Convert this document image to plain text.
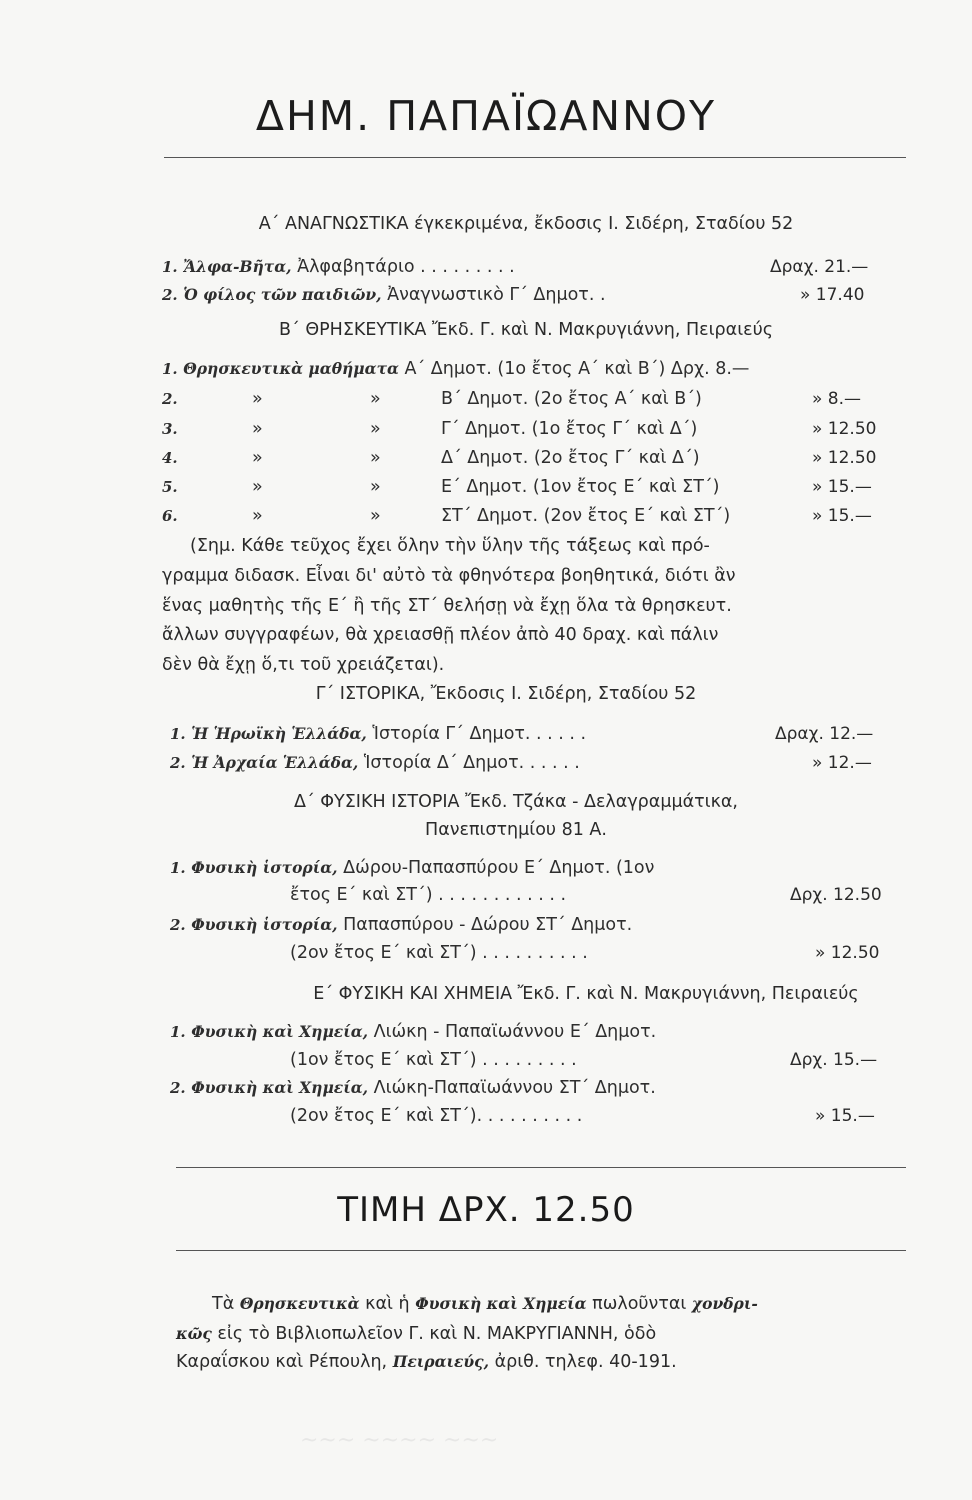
ΔΗΜ. ΠΑΠΑΪΩΑΝΝΟΥ
Α΄ ΑΝΑΓΝΩΣΤΙΚΑ έγκεκριμένα, ἔκδοσις Ι. Σιδέρη, Σταδίου 52
1. Ἄλφα-Βῆτα, Ἀλφαβητάριο . . . . . . . . .	Δραχ. 21.—
2. Ὁ φίλος τῶν παιδιῶν, Ἀναγνωστικὸ Γ΄ Δημοτ. .	» 17.40
Β΄ ΘΡΗΣΚΕΥΤΙΚΑ Ἔκδ. Γ. καὶ Ν. Μακρυγιάννη, Πειραιεύς
1. Θρησκευτικὰ μαθήματα Α΄ Δημοτ. (1ο ἔτος Α΄ καὶ Β΄) Δρχ. 8.—
2.	»	»	Β΄ Δημοτ. (2ο ἔτος Α΄ καὶ Β΄)	» 8.—
3.	»	»	Γ΄ Δημοτ. (1ο ἔτος Γ΄ καὶ Δ΄)	» 12.50
4.	»	»	Δ΄ Δημοτ. (2ο ἔτος Γ΄ καὶ Δ΄)	» 12.50
5.	»	»	Ε΄ Δημοτ. (1ον ἔτος Ε΄ καὶ ΣΤ΄)	» 15.—
6.	»	»	ΣΤ΄ Δημοτ. (2ον ἔτος Ε΄ καὶ ΣΤ΄)	» 15.—
(Σημ. Κάθε τεῦχος ἔχει ὅλην τὴν ὕλην τῆς τάξεως καὶ πρό-
γραμμα διδασκ. Εἶναι δι' αὐτὸ τὰ φθηνότερα βοηθητικά, διότι ἂν
ἕνας μαθητὴς τῆς Ε΄ ἢ τῆς ΣΤ΄ θελήσῃ νὰ ἔχῃ ὅλα τὰ θρησκευτ.
ἄλλων συγγραφέων, θὰ χρειασθῇ πλέον ἀπὸ 40 δραχ. καὶ πάλιν
δὲν θὰ ἔχῃ ὅ,τι τοῦ χρειάζεται).
Γ΄ ΙΣΤΟΡΙΚΑ, Ἔκδοσις Ι. Σιδέρη, Σταδίου 52
1. Ἡ Ἡρωϊκὴ Ἑλλάδα, Ἱστορία Γ΄ Δημοτ. . . . . .	Δραχ. 12.—
2. Ἡ Ἀρχαία Ἑλλάδα, Ἱστορία Δ΄ Δημοτ. . . . . .	» 12.—
Δ΄ ΦΥΣΙΚΗ ΙΣΤΟΡΙΑ Ἔκδ. Τζάκα - Δελαγραμμάτικα,
Πανεπιστημίου 81 Α.
1. Φυσικὴ ἱστορία, Δώρου-Παπασπύρου Ε΄ Δημοτ. (1ον
ἔτος Ε΄ καὶ ΣΤ΄) . . . . . . . . . . . .	Δρχ. 12.50
2. Φυσικὴ ἱστορία, Παπασπύρου - Δώρου ΣΤ΄ Δημοτ.
(2ον ἔτος Ε΄ καὶ ΣΤ΄) . . . . . . . . . .	» 12.50
Ε΄ ΦΥΣΙΚΗ ΚΑΙ ΧΗΜΕΙΑ Ἔκδ. Γ. καὶ Ν. Μακρυγιάννη, Πειραιεύς
1. Φυσικὴ καὶ Χημεία, Λιώκη - Παπαϊωάννου Ε΄ Δημοτ.
(1ον ἔτος Ε΄ καὶ ΣΤ΄) . . . . . . . . .	Δρχ. 15.—
2. Φυσικὴ καὶ Χημεία, Λιώκη-Παπαϊωάννου ΣΤ΄ Δημοτ.
(2ον ἔτος Ε΄ καὶ ΣΤ΄). . . . . . . . . .	» 15.—
ΤΙΜΗ ΔΡΧ. 12.50
Τὰ Θρησκευτικὰ καὶ ἡ Φυσικὴ καὶ Χημεία πωλοῦνται χονδρι-
κῶς εἰς τὸ Βιβλιοπωλεῖον Γ. καὶ Ν. ΜΑΚΡΥΓΙΑΝΝΗ, ὁδὸ
Καραΐσκου καὶ Ρέπουλη, Πειραιεύς, ἀριθ. τηλεφ. 40-191.
~~~ ~~~~ ~~~
